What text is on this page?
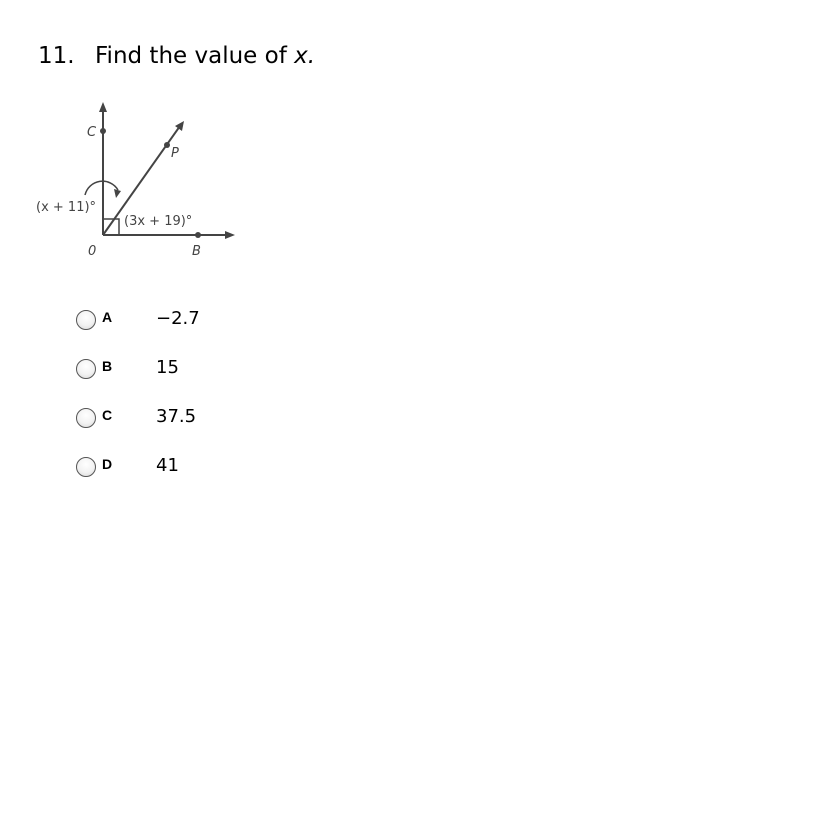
11. Find the value of x.
C
P
0	B
(x + 11)°
(3x + 19)°
A −2.7
B 15
C 37.5
D 41
